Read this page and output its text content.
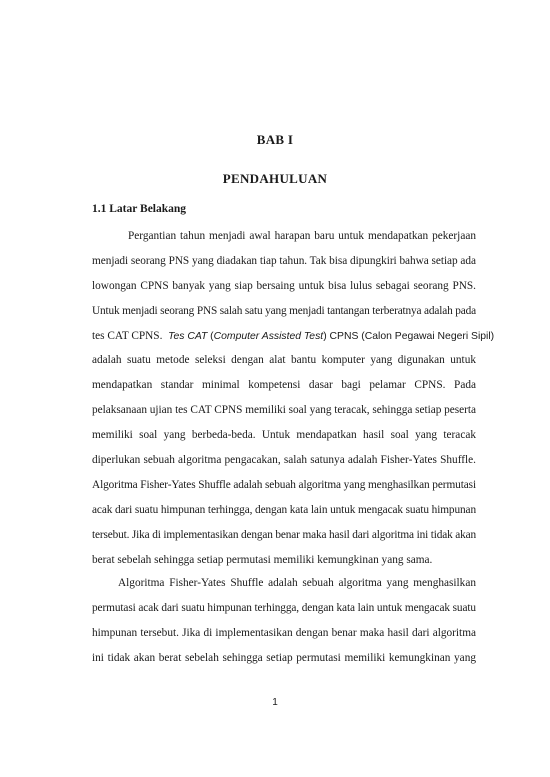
BAB I
PENDAHULUAN
1.1 Latar Belakang
Pergantian tahun menjadi awal harapan baru untuk mendapatkan pekerjaan
menjadi seorang PNS yang diadakan tiap tahun. Tak bisa dipungkiri bahwa setiap ada
lowongan CPNS banyak yang siap bersaing untuk bisa lulus sebagai seorang PNS.
Untuk menjadi seorang PNS salah satu yang menjadi tantangan terberatnya adalah pada
tes CAT CPNS. Tes CAT (Computer Assisted Test) CPNS (Calon Pegawai Negeri Sipil)
adalah suatu metode seleksi dengan alat bantu komputer yang digunakan untuk
mendapatkan standar minimal kompetensi dasar bagi pelamar CPNS. Pada
pelaksanaan ujian tes CAT CPNS memiliki soal yang teracak, sehingga setiap peserta
memiliki soal yang berbeda-beda. Untuk mendapatkan hasil soal yang teracak
diperlukan sebuah algoritma pengacakan, salah satunya adalah Fisher-Yates Shuffle.
Algoritma Fisher-Yates Shuffle adalah sebuah algoritma yang menghasilkan permutasi
acak dari suatu himpunan terhingga, dengan kata lain untuk mengacak suatu himpunan
tersebut. Jika di implementasikan dengan benar maka hasil dari algoritma ini tidak akan
berat sebelah sehingga setiap permutasi memiliki kemungkinan yang sama.
Algoritma Fisher-Yates Shuffle adalah sebuah algoritma yang menghasilkan
permutasi acak dari suatu himpunan terhingga, dengan kata lain untuk mengacak suatu
himpunan tersebut. Jika di implementasikan dengan benar maka hasil dari algoritma
ini tidak akan berat sebelah sehingga setiap permutasi memiliki kemungkinan yang
1
